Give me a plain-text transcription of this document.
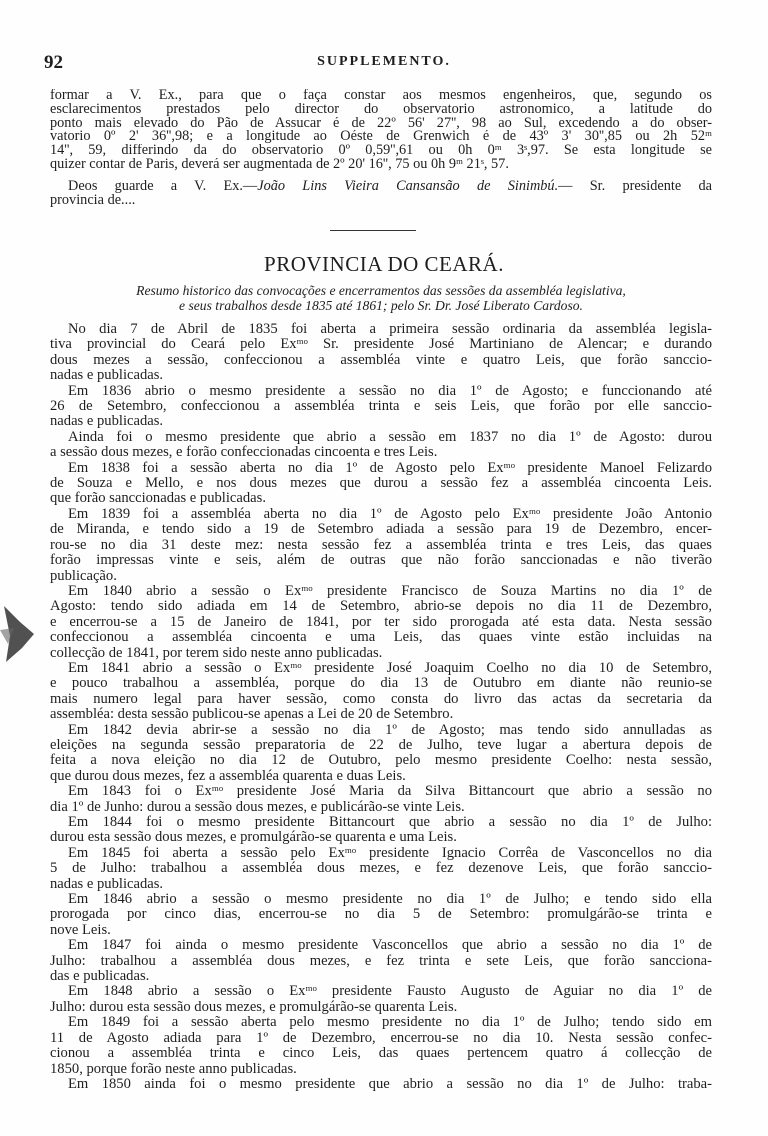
92	SUPPLEMENTO.
formar a V. Ex., para que o faça constar aos mesmos engenheiros, que, segundo os
esclarecimentos prestados pelo director do observatorio astronomico, a latitude do
ponto mais elevado do Pão de Assucar é de 22º 56' 27'', 98 ao Sul, excedendo a do obser-
vatorio 0º 2' 36'',98; e a longitude ao Oéste de Grenwich é de 43º 3' 30'',85 ou 2h 52ᵐ
14'', 59, differindo da do observatorio 0º 0,59'',61 ou 0h 0ᵐ 3ˢ,97. Se esta longitude se
quizer contar de Paris, deverá ser augmentada de 2º 20' 16'', 75 ou 0h 9ᵐ 21ˢ, 57.
Deos guarde a V. Ex.—João Lins Vieira Cansansão de Sinimbú.— Sr. presidente da
provincia de....
PROVINCIA DO CEARÁ.
Resumo historico das convocações e encerramentos das sessões da assembléa legislativa,
e seus trabalhos desde 1835 até 1861; pelo Sr. Dr. José Liberato Cardoso.
No dia 7 de Abril de 1835 foi aberta a primeira sessão ordinaria da assembléa legisla-
tiva provincial do Ceará pelo Exᵐᵒ Sr. presidente José Martiniano de Alencar; e durando
dous mezes a sessão, confeccionou a assembléa vinte e quatro Leis, que forão sanccio-
nadas e publicadas.
Em 1836 abrio o mesmo presidente a sessão no dia 1º de Agosto; e funccionando até
26 de Setembro, confeccionou a assembléa trinta e seis Leis, que forão por elle sanccio-
nadas e publicadas.
Ainda foi o mesmo presidente que abrio a sessão em 1837 no dia 1º de Agosto: durou
a sessão dous mezes, e forão confeccionadas cincoenta e tres Leis.
Em 1838 foi a sessão aberta no dia 1º de Agosto pelo Exᵐᵒ presidente Manoel Felizardo
de Souza e Mello, e nos dous mezes que durou a sessão fez a assembléa cincoenta Leis.
que forão sanccionadas e publicadas.
Em 1839 foi a assembléa aberta no dia 1º de Agosto pelo Exᵐᵒ presidente João Antonio
de Miranda, e tendo sido a 19 de Setembro adiada a sessão para 19 de Dezembro, encer-
rou-se no dia 31 deste mez: nesta sessão fez a assembléa trinta e tres Leis, das quaes
forão impressas vinte e seis, além de outras que não forão sanccionadas e não tiverão
publicação.
Em 1840 abrio a sessão o Exᵐᵒ presidente Francisco de Souza Martins no dia 1º de
Agosto: tendo sido adiada em 14 de Setembro, abrio-se depois no dia 11 de Dezembro,
e encerrou-se a 15 de Janeiro de 1841, por ter sido prorogada até esta data. Nesta sessão
confeccionou a assembléa cincoenta e uma Leis, das quaes vinte estão incluidas na
collecção de 1841, por terem sido neste anno publicadas.
Em 1841 abrio a sessão o Exᵐᵒ presidente José Joaquim Coelho no dia 10 de Setembro,
e pouco trabalhou a assembléa, porque do dia 13 de Outubro em diante não reunio-se
mais numero legal para haver sessão, como consta do livro das actas da secretaria da
assembléa: desta sessão publicou-se apenas a Lei de 20 de Setembro.
Em 1842 devia abrir-se a sessão no dia 1º de Agosto; mas tendo sido annulladas as
eleições na segunda sessão preparatoria de 22 de Julho, teve lugar a abertura depois de
feita a nova eleição no dia 12 de Outubro, pelo mesmo presidente Coelho: nesta sessão,
que durou dous mezes, fez a assembléa quarenta e duas Leis.
Em 1843 foi o Exᵐᵒ presidente José Maria da Silva Bittancourt que abrio a sessão no
dia 1º de Junho: durou a sessão dous mezes, e publicárão-se vinte Leis.
Em 1844 foi o mesmo presidente Bittancourt que abrio a sessão no dia 1º de Julho:
durou esta sessão dous mezes, e promulgárão-se quarenta e uma Leis.
Em 1845 foi aberta a sessão pelo Exᵐᵒ presidente Ignacio Corrêa de Vasconcellos no dia
5 de Julho: trabalhou a assembléa dous mezes, e fez dezenove Leis, que forão sanccio-
nadas e publicadas.
Em 1846 abrio a sessão o mesmo presidente no dia 1º de Julho; e tendo sido ella
prorogada por cinco dias, encerrou-se no dia 5 de Setembro: promulgárão-se trinta e
nove Leis.
Em 1847 foi ainda o mesmo presidente Vasconcellos que abrio a sessão no dia 1º de
Julho: trabalhou a assembléa dous mezes, e fez trinta e sete Leis, que forão sancciona-
das e publicadas.
Em 1848 abrio a sessão o Exᵐᵒ presidente Fausto Augusto de Aguiar no dia 1º de
Julho: durou esta sessão dous mezes, e promulgárão-se quarenta Leis.
Em 1849 foi a sessão aberta pelo mesmo presidente no dia 1º de Julho; tendo sido em
11 de Agosto adiada para 1º de Dezembro, encerrou-se no dia 10. Nesta sessão confec-
cionou a assembléa trinta e cinco Leis, das quaes pertencem quatro á collecção de
1850, porque forão neste anno publicadas.
Em 1850 ainda foi o mesmo presidente que abrio a sessão no dia 1º de Julho: traba-
